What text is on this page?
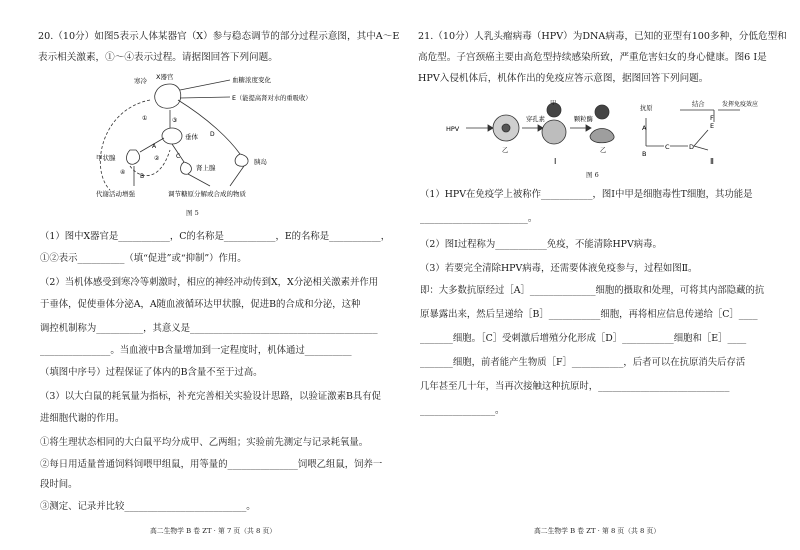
20.（10分）如图5表示人体某器官（X）参与稳态调节的部分过程示意图，其中A～E
表示相关激素，①～④表示过程。请据图回答下列问题。
寒冷 X器官	血糖浓度变化
E（能提高肾对水的重吸收）
垂体
甲状腺
肾上腺
胰岛
代谢活动增强	调节糖原分解或合成的物质
A
B
C
D
①
②
③
④
图 5
（1）图中X器官是___________，C的名称是___________，E的名称是___________，
①②表示__________（填“促进”或“抑制”）作用。
（2）当机体感受到寒冷等刺激时，相应的神经冲动传到X，X分泌相关激素并作用
于垂体，促使垂体分泌A，A随血液循环达甲状腺，促进B的合成和分泌，这种
调控机制称为__________，其意义是________________________________________
_______________。当血液中B含量增加到一定程度时，机体通过__________
（填图中序号）过程保证了体内的B含量不至于过高。
（3）以大白鼠的耗氧量为指标，补充完善相关实验设计思路，以验证激素B具有促
进细胞代谢的作用。
①将生理状态相同的大白鼠平均分成甲、乙两组；实验前先测定与记录耗氧量。
②每日用适量普通饲料饲喂甲组鼠，用等量的_______________饲喂乙组鼠，饲养一
段时间。
③测定、记录并比较__________________________。
高二生物学 B 卷 ZT · 第 7 页（共 8 页）
21.（10分）人乳头瘤病毒（HPV）为DNA病毒，已知的亚型有100多种，分低危型和
高危型。子宫颈癌主要由高危型持续感染所致，严重危害妇女的身心健康。图6 Ⅰ是
HPV入侵机体后，机体作出的免疫应答示意图，据图回答下列问题。
HPV
穿孔素
甲
颗粒酶
乙	乙
Ⅰ
抗原
结合	发挥免疫效应
A
B
C	D
E
F
Ⅱ
图 6
（1）HPV在免疫学上被称作___________，图Ⅰ中甲是细胞毒性T细胞，其功能是
_______________________。
（2）图Ⅰ过程称为___________免疫，不能清除HPV病毒。
（3）若要完全清除HPV病毒，还需要体液免疫参与，过程如图Ⅱ。
即：大多数抗原经过［A］______________细胞的摄取和处理，可将其内部隐藏的抗
原暴露出来，然后呈递给［B］___________细胞，再将相应信息传递给［C］____
_______细胞。［C］受刺激后增殖分化形成［D］___________细胞和［E］____
_______细胞，前者能产生物质［F］___________，后者可以在抗原消失后存活
几年甚至几十年，当再次接触这种抗原时，____________________________
________________。
高二生物学 B 卷 ZT · 第 8 页（共 8 页）
